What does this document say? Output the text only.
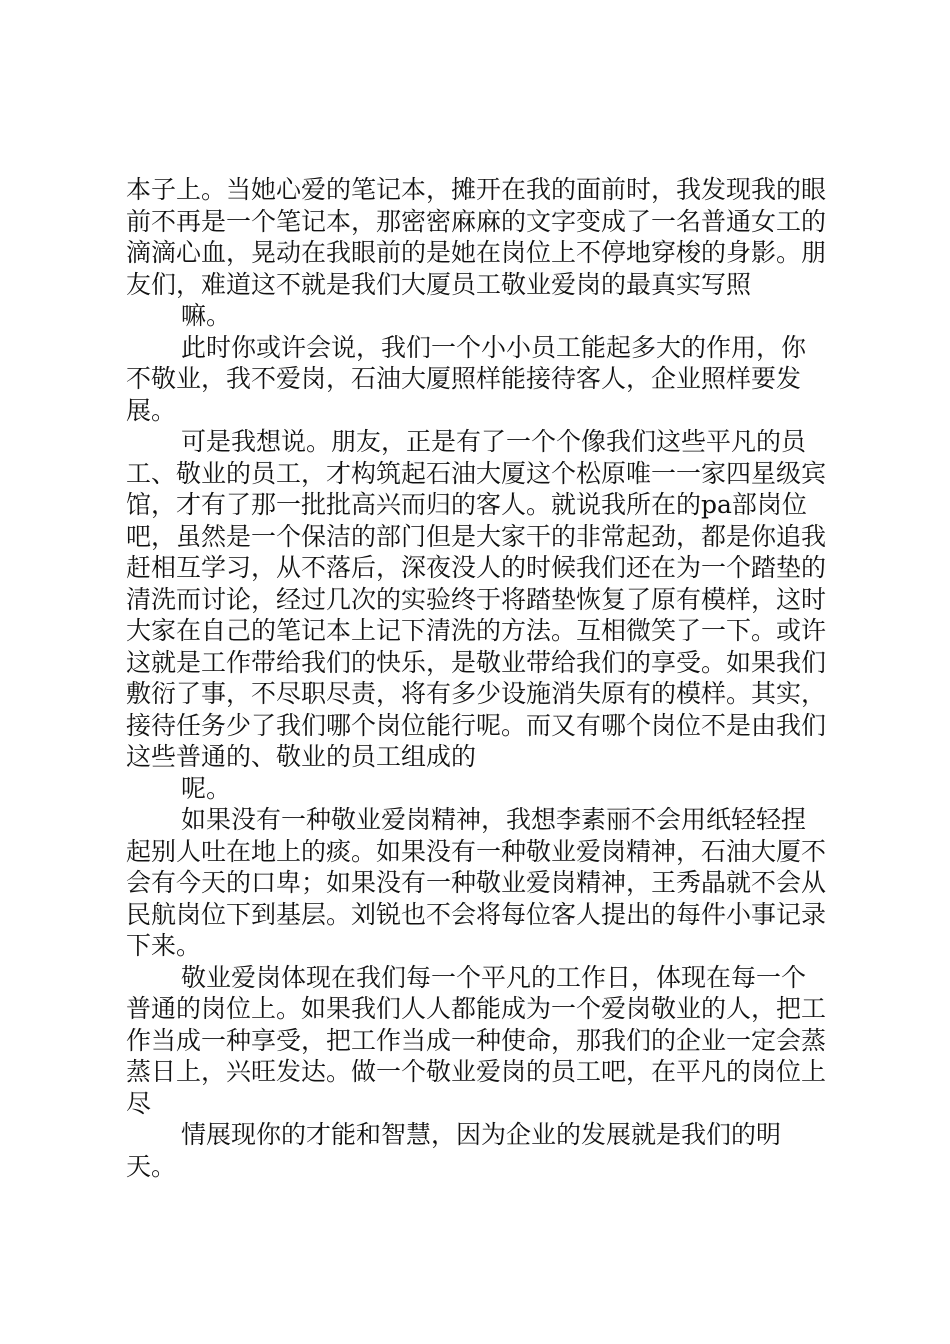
本子上。当她心爱的笔记本，摊开在我的面前时，我发现我的眼前不再是一个笔记本，那密密麻麻的文字变成了一名普通女工的滴滴心血，晃动在我眼前的是她在岗位上不停地穿梭的身影。朋友们，难道这不就是我们大厦员工敬业爱岗的最真实写照

嘛。

此时你或许会说，我们一个小小员工能起多大的作用，你不敬业，我不爱岗，石油大厦照样能接待客人，企业照样要发展。

可是我想说。朋友，正是有了一个个像我们这些平凡的员工、敬业的员工，才构筑起石油大厦这个松原唯一一家四星级宾馆，才有了那一批批高兴而归的客人。就说我所在的pa部岗位吧，虽然是一个保洁的部门但是大家干的非常起劲，都是你追我赶相互学习，从不落后，深夜没人的时候我们还在为一个踏垫的清洗而讨论，经过几次的实验终于将踏垫恢复了原有模样，这时大家在自己的笔记本上记下清洗的方法。互相微笑了一下。或许这就是工作带给我们的快乐，是敬业带给我们的享受。如果我们敷衍了事，不尽职尽责，将有多少设施消失原有的模样。其实，接待任务少了我们哪个岗位能行呢。而又有哪个岗位不是由我们这些普通的、敬业的员工组成的

呢。

如果没有一种敬业爱岗精神，我想李素丽不会用纸轻轻捏起别人吐在地上的痰。如果没有一种敬业爱岗精神，石油大厦不会有今天的口卑；如果没有一种敬业爱岗精神，王秀晶就不会从民航岗位下到基层。刘锐也不会将每位客人提出的每件小事记录下来。

敬业爱岗体现在我们每一个平凡的工作日，体现在每一个普通的岗位上。如果我们人人都能成为一个爱岗敬业的人，把工作当成一种享受，把工作当成一种使命，那我们的企业一定会蒸蒸日上，兴旺发达。做一个敬业爱岗的员工吧，在平凡的岗位上尽

情展现你的才能和智慧，因为企业的发展就是我们的明天。
